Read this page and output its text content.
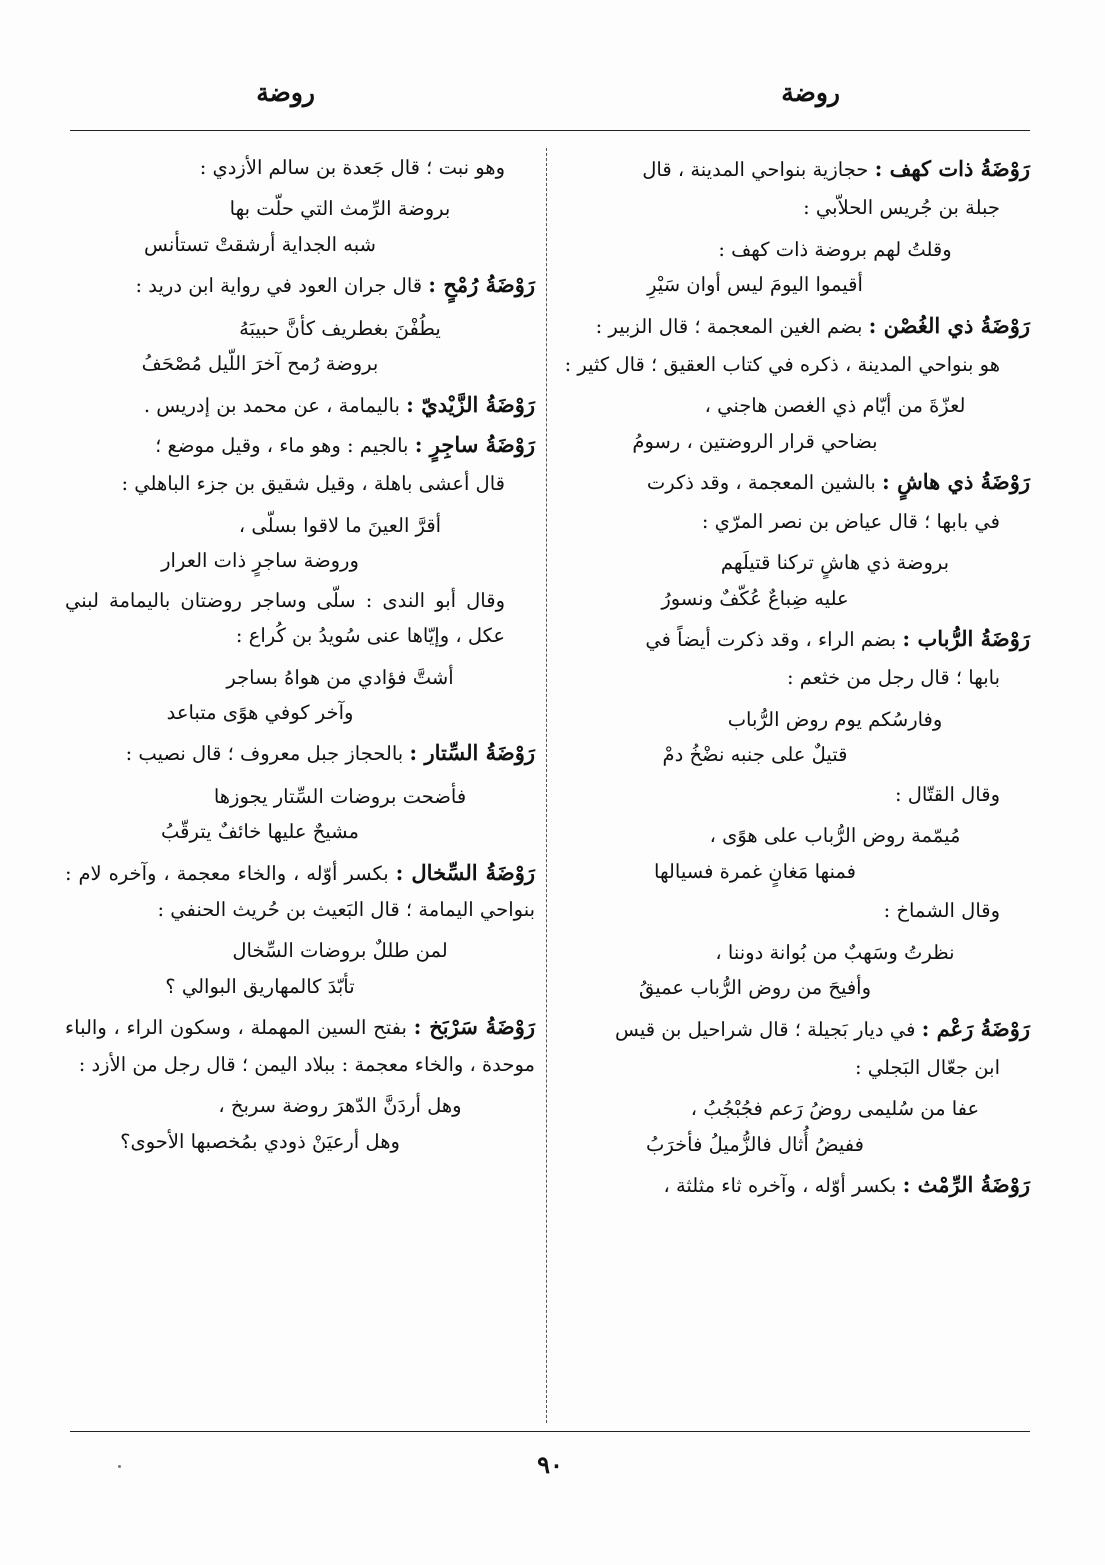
روضة
روضة

رَوْضَةُ ذات كهف : حجازية بنواحي المدينة ، قال

جبلة بن جُريس الحلاّبي :

وقلتُ لهم بروضة ذات كهف :
أقيموا اليومَ ليس أوان سَيْرِ

رَوْضَةُ ذي الغُصْن : بضم الغين المعجمة ؛ قال الزبير :

هو بنواحي المدينة ، ذكره في كتاب العقيق ؛ قال كثير :

لعزّةَ من أيّام ذي الغصن هاجني ،
بضاحي قرار الروضتين ، رسومُ

رَوْضَةُ ذي هاشٍ : بالشين المعجمة ، وقد ذكرت

في بابها ؛ قال عياض بن نصر المرّي :

بروضة ذي هاشٍ تركنا قتيلَهم
عليه ضِباعٌ عُكّفٌ ونسورُ

رَوْضَةُ الرُّباب : بضم الراء ، وقد ذكرت أيضاً في

بابها ؛ قال رجل من خثعم :

وفارسُكم يوم روض الرُّباب
قتيلٌ على جنبه نضْخُ دمْ

وقال القتّال :

مُيمّمة روض الرُّباب على هوًى ،
فمنها مَغانٍ غمرة فسيالها

وقال الشماخ :

نظرتُ وسَهبٌ من بُوانة دوننا ،
وأفيحَ من روض الرُّباب عميقُ

رَوْضَةُ رَعْم : في ديار بَجيلة ؛ قال شراحيل بن قيس

ابن جعّال البَجلي :

عفا من سُليمى روضُ رَعم فجُبْجُبُ ،
ففيضُ أُثال فالزُّميلُ فأخرَبُ

رَوْضَةُ الرِّمْث : بكسر أوّله ، وآخره ثاء مثلثة ،

وهو نبت ؛ قال جَعدة بن سالم الأزدي :

بروضة الرِّمث التي حلّت بها
شبه الجداية أرشقتْ تستأنس

رَوْضَةُ رُمْحٍ : قال جران العود في رواية ابن دريد :

يطُفْنَ بغطريف كأنَّ حبيبَهُ
بروضة رُمح آخرَ اللّيل مُصْحَفُ

رَوْضَةُ الزَّيْديّ : باليمامة ، عن محمد بن إدريس .

رَوْضَةُ ساجِرٍ : بالجيم : وهو ماء ، وقيل موضع ؛

قال أعشى باهلة ، وقيل شقيق بن جزء الباهلي :

أقرَّ العينَ ما لاقوا بسلّى ،
وروضة ساجرٍ ذات العرار

وقال أبو الندى : سلّى وساجر روضتان باليمامة لبني عكل ، وإيّاها عنى سُويدُ بن كُراع :

أشتَّ فؤادي من هواهُ بساجر
وآخر كوفي هوًى متباعد

رَوْضَةُ السِّتار : بالحجاز جبل معروف ؛ قال نصيب :

فأضحت بروضات السِّتار يجوزها
مشيحٌ عليها خائفٌ يترقّبُ

رَوْضَةُ السِّخال : بكسر أوّله ، والخاء معجمة ، وآخره لام : بنواحي اليمامة ؛ قال البَعيث بن حُريث الحنفي :

لمن طللٌ بروضات السِّخال
تأبّدَ كالمهاريق البوالي ؟

رَوْضَةُ سَرْبَخ : بفتح السين المهملة ، وسكون الراء ، والباء موحدة ، والخاء معجمة : ببلاد اليمن ؛ قال رجل من الأزد :

وهل أردَنَّ الدّهرَ روضة سربخ ،
وهل أرعيَنْ ذودي بمُخصبها الأحوى؟
٩٠
